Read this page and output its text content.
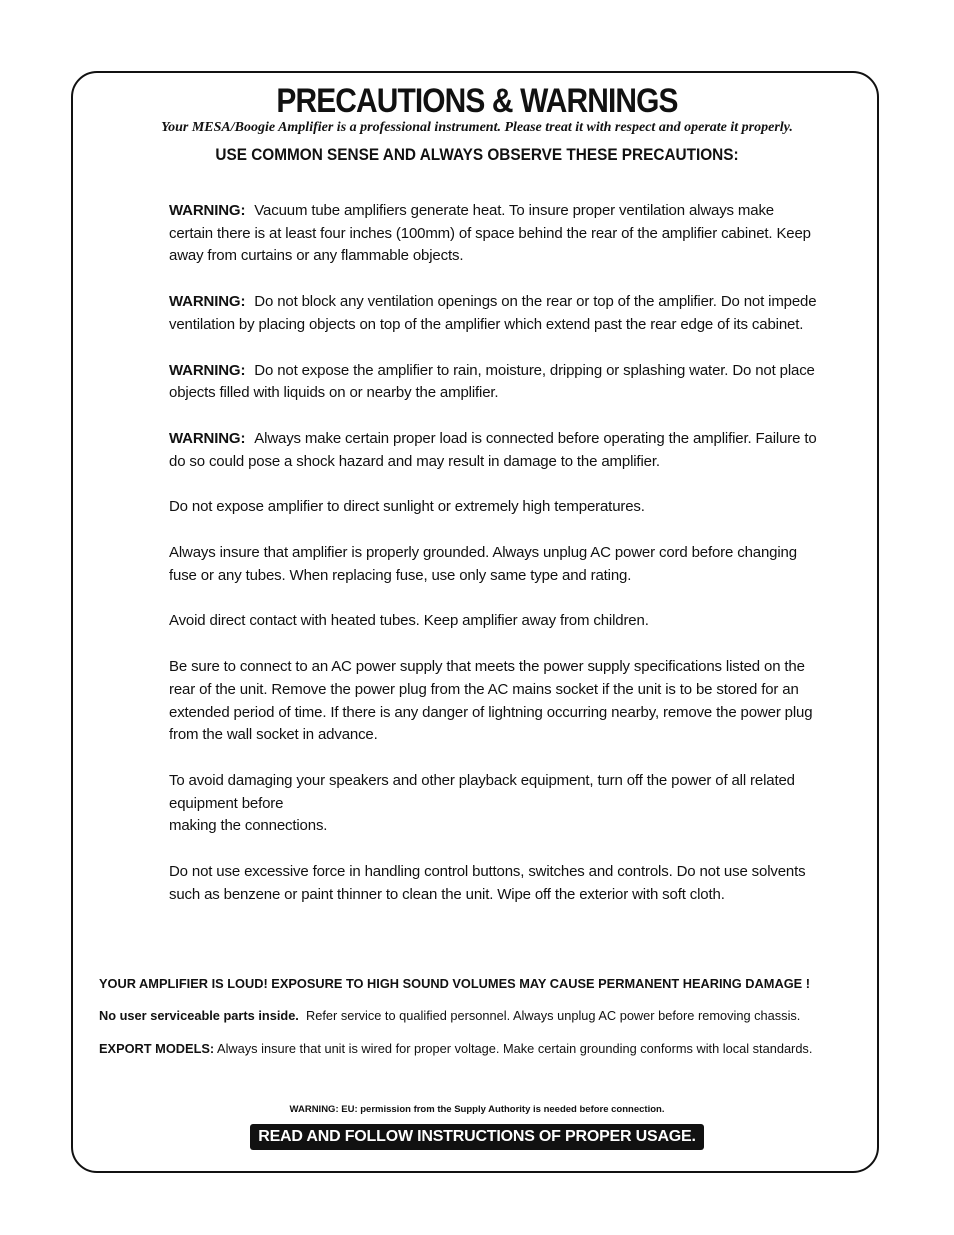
PRECAUTIONS & WARNINGS
Your MESA/Boogie Amplifier is a professional instrument. Please treat it with respect and operate it properly.
USE COMMON SENSE AND ALWAYS OBSERVE THESE PRECAUTIONS:

WARNING: Vacuum tube amplifiers generate heat. To insure proper ventilation always make certain there is at least four inches (100mm) of space behind the rear of the amplifier cabinet. Keep away from curtains or any flammable objects.

WARNING: Do not block any ventilation openings on the rear or top of the amplifier. Do not impede ventilation by placing objects on top of the amplifier which extend past the rear edge of its cabinet.

WARNING: Do not expose the amplifier to rain, moisture, dripping or splashing water. Do not place objects filled with liquids on or nearby the amplifier.

WARNING: Always make certain proper load is connected before operating the amplifier. Failure to do so could pose a shock hazard and may result in damage to the amplifier.

Do not expose amplifier to direct sunlight or extremely high temperatures.

Always insure that amplifier is properly grounded. Always unplug AC power cord before changing fuse or any tubes. When replacing fuse, use only same type and rating.

Avoid direct contact with heated tubes. Keep amplifier away from children.

Be sure to connect to an AC power supply that meets the power supply specifications listed on the rear of the unit. Remove the power plug from the AC mains socket if the unit is to be stored for an extended period of time. If there is any danger of lightning occurring nearby, remove the power plug from the wall socket in advance.

To avoid damaging your speakers and other playback equipment, turn off the power of all related equipment before
making the connections.

Do not use excessive force in handling control buttons, switches and controls. Do not use solvents such as benzene or paint thinner to clean the unit. Wipe off the exterior with soft cloth.

YOUR AMPLIFIER IS LOUD! EXPOSURE TO HIGH SOUND VOLUMES MAY CAUSE PERMANENT HEARING DAMAGE !
No user serviceable parts inside. Refer service to qualified personnel. Always unplug AC power before removing chassis.
EXPORT MODELS: Always insure that unit is wired for proper voltage. Make certain grounding conforms with local standards.
WARNING: EU: permission from the Supply Authority is needed before connection.
READ AND FOLLOW INSTRUCTIONS OF PROPER USAGE.
